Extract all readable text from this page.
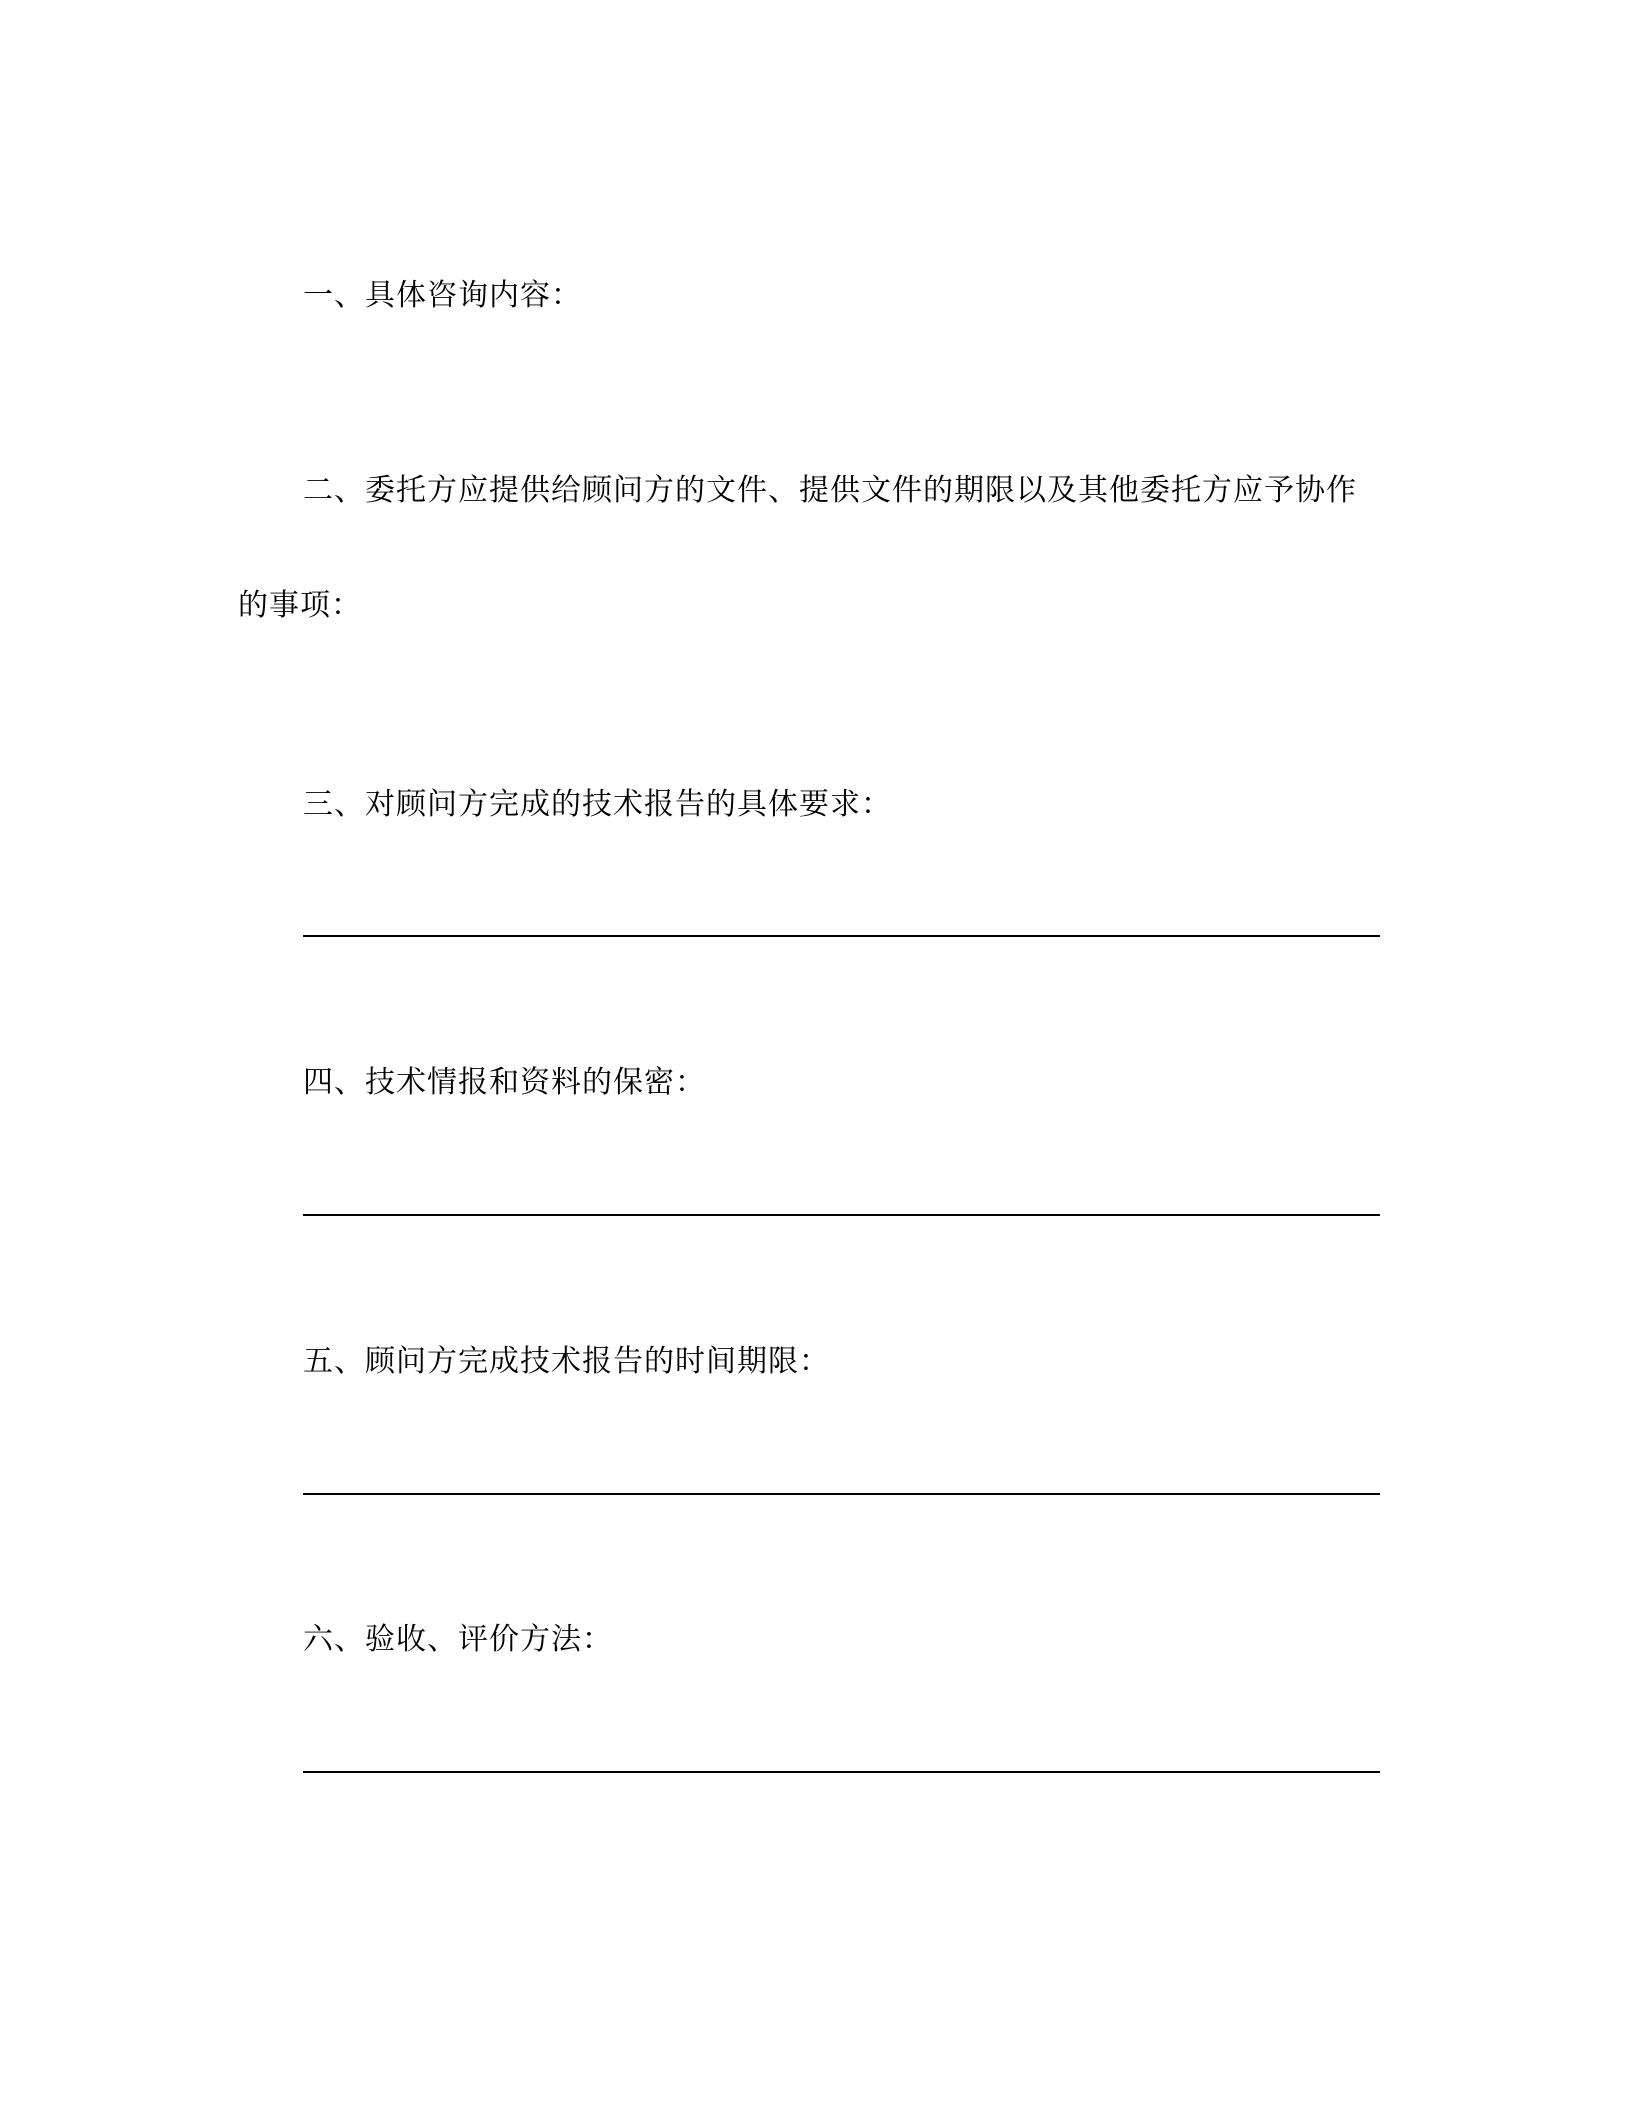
一、具体咨询内容：
二、委托方应提供给顾问方的文件、提供文件的期限以及其他委托方应予协作
的事项：
三、对顾问方完成的技术报告的具体要求：
四、技术情报和资料的保密：
五、顾问方完成技术报告的时间期限：
六、验收、评价方法：
